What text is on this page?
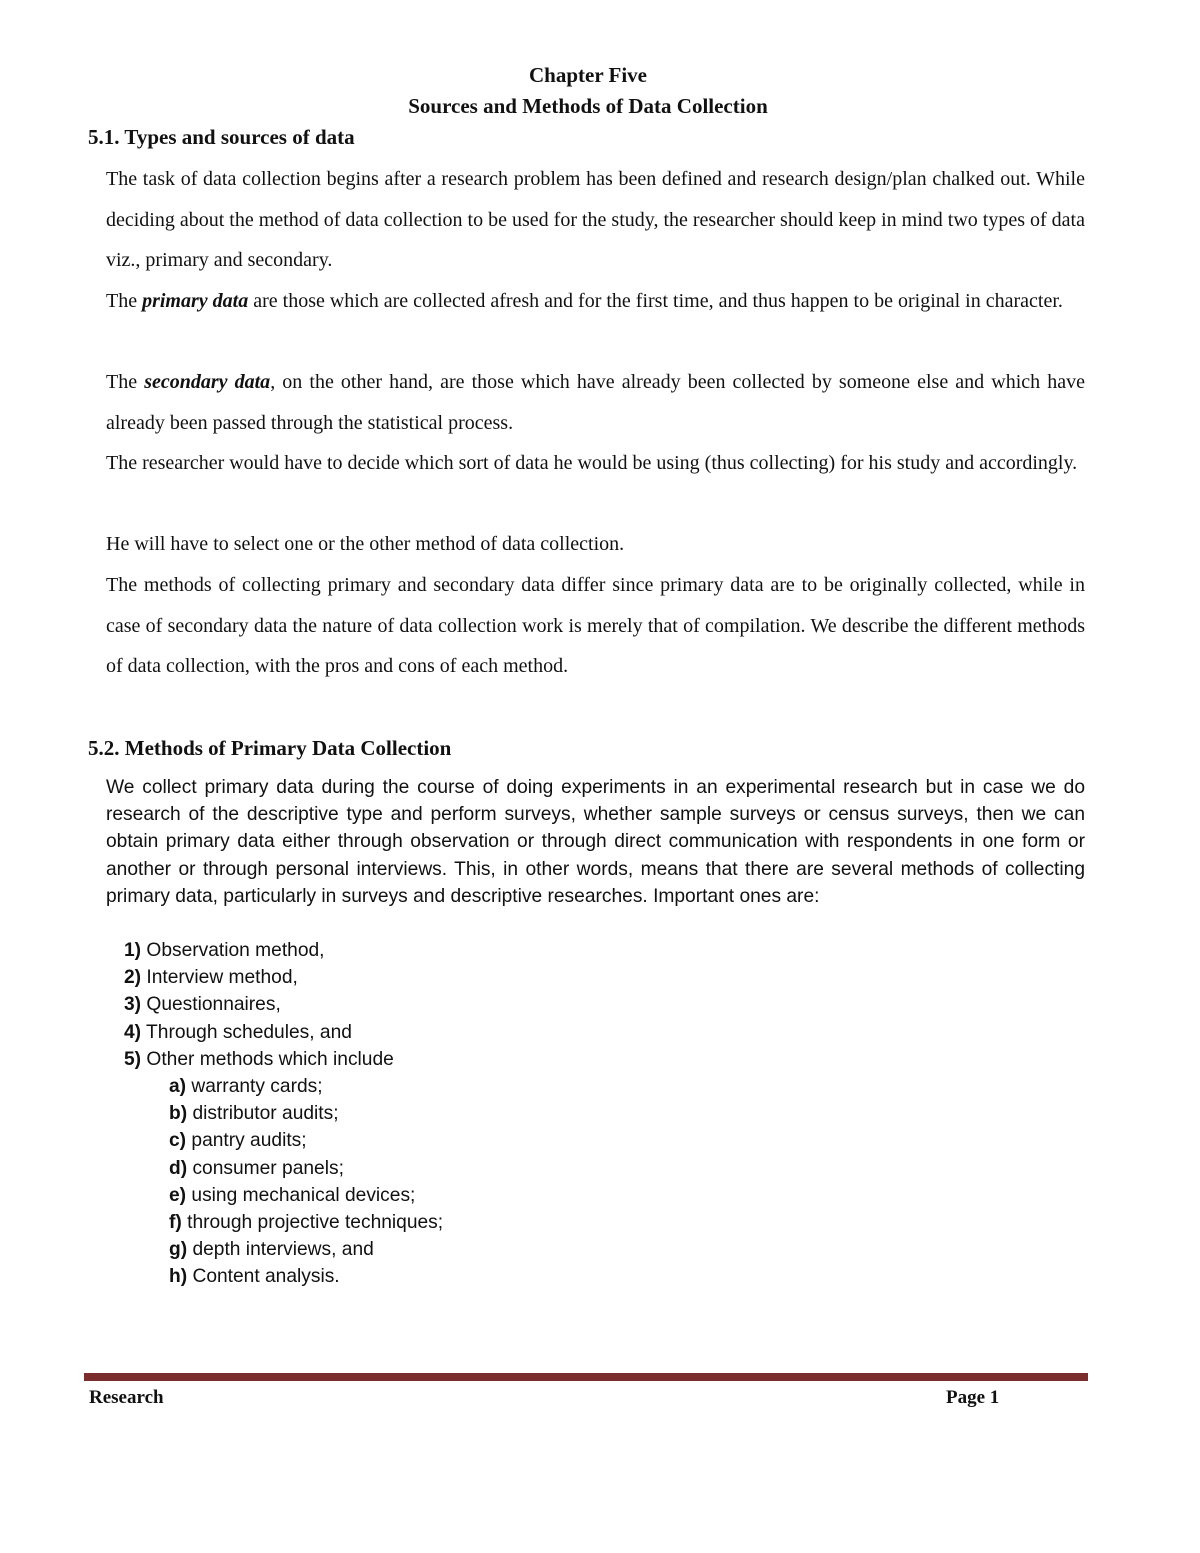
Chapter Five
Sources and Methods of Data Collection
5.1. Types and sources of data

The task of data collection begins after a research problem has been defined and research design/plan chalked out. While deciding about the method of data collection to be used for the study, the researcher should keep in mind two types of data viz., primary and secondary.

The primary data are those which are collected afresh and for the first time, and thus happen to be original in character.

The secondary data, on the other hand, are those which have already been collected by someone else and which have already been passed through the statistical process.

The researcher would have to decide which sort of data he would be using (thus collecting) for his study and accordingly.

He will have to select one or the other method of data collection.

The methods of collecting primary and secondary data differ since primary data are to be originally collected, while in case of secondary data the nature of data collection work is merely that of compilation. We describe the different methods of data collection, with the pros and cons of each method.

5.2. Methods of Primary Data Collection

We collect primary data during the course of doing experiments in an experimental research but in case we do research of the descriptive type and perform surveys, whether sample surveys or census surveys, then we can obtain primary data either through observation or through direct communication with respondents in one form or another or through personal interviews. This, in other words, means that there are several methods of collecting primary data, particularly in surveys and descriptive researches. Important ones are:

1) Observation method,
2) Interview method,
3) Questionnaires,
4) Through schedules, and
5) Other methods which include
a) warranty cards;
b) distributor audits;
c) pantry audits;
d) consumer panels;
e) using mechanical devices;
f) through projective techniques;
g) depth interviews, and
h) Content analysis.
Research	Page 1
